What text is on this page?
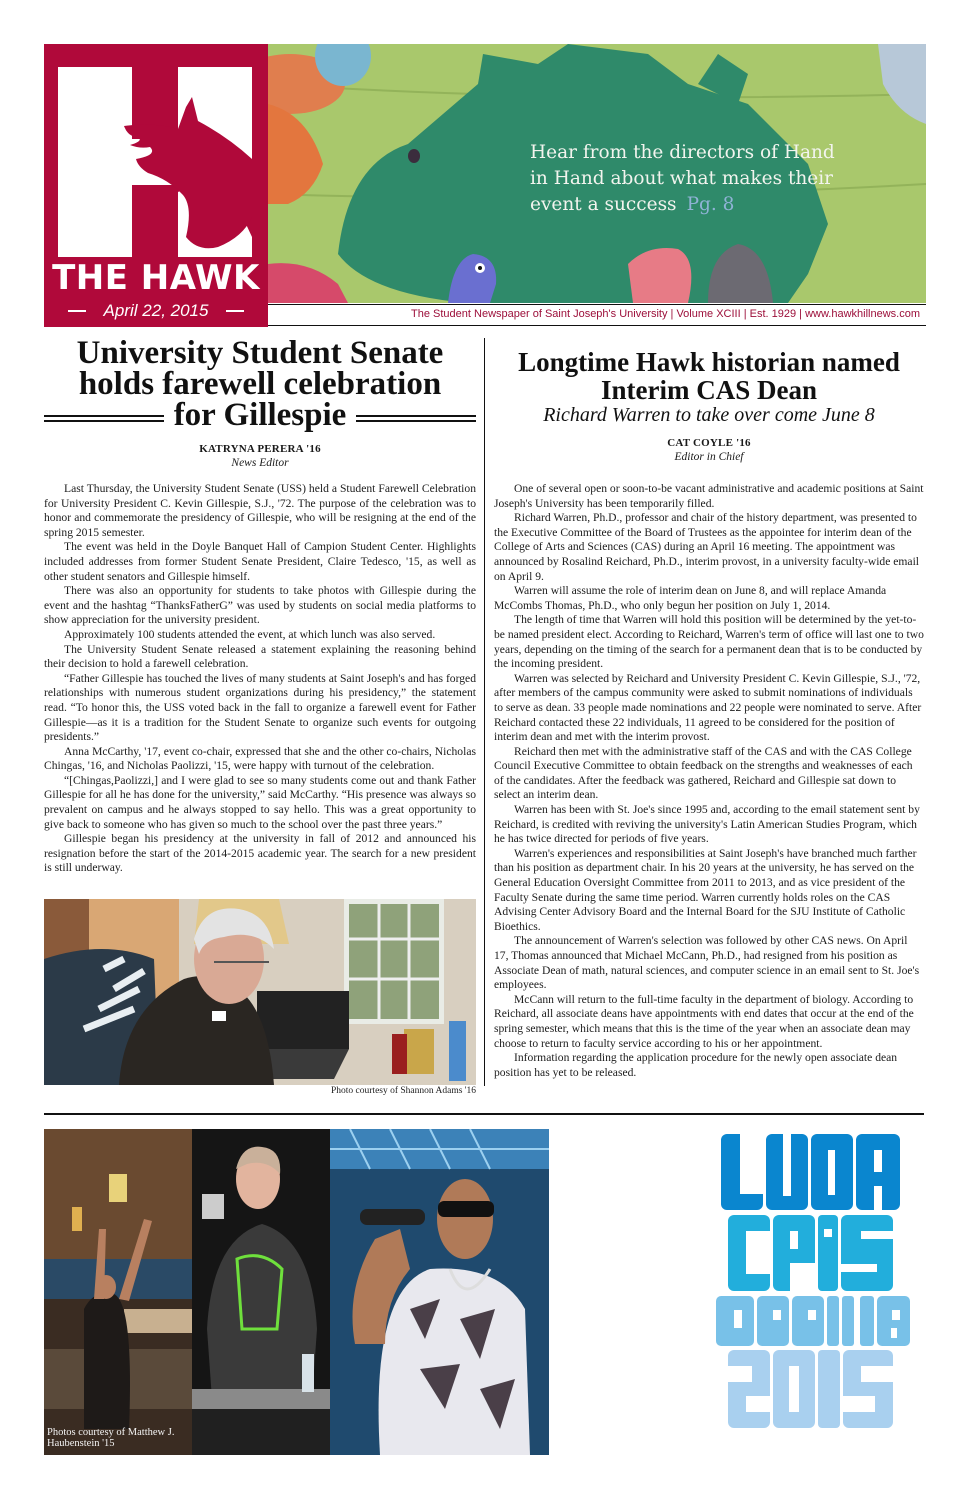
THE HAWK
April 22, 2015
Hear from the directors of Hand
in Hand about what makes their
event a success Pg. 8
The Student Newspaper of Saint Joseph's University | Volume XCIII | Est. 1929 | www.hawkhillnews.com
University Student Senate
holds farewell celebration
for Gillespie
KATRYNA PERERA '16
News Editor

Last Thursday, the University Student Senate (USS) held a Student Farewell Celebration for University President C. Kevin Gillespie, S.J., '72. The purpose of the celebration was to honor and commemorate the presidency of Gillespie, who will be resigning at the end of the spring 2015 semester.

The event was held in the Doyle Banquet Hall of Campion Student Center. Highlights included addresses from former Student Senate President, Claire Tedesco, '15, as well as other student senators and Gillespie himself.

There was also an opportunity for students to take photos with Gillespie during the event and the hashtag “ThanksFatherG” was used by students on social media platforms to show appreciation for the university president.

Approximately 100 students attended the event, at which lunch was also served.

The University Student Senate released a statement explaining the reasoning behind their decision to hold a farewell celebration.

“Father Gillespie has touched the lives of many students at Saint Joseph's and has forged relationships with numerous student organizations during his presidency,” the statement read. “To honor this, the USS voted back in the fall to organize a farewell event for Father Gillespie—as it is a tradition for the Student Senate to organize such events for outgoing presidents.”

Anna McCarthy, '17, event co-chair, expressed that she and the other co-chairs, Nicholas Chingas, '16, and Nicholas Paolizzi, '15, were happy with turnout of the celebration.

“[Chingas,Paolizzi,] and I were glad to see so many students come out and thank Father Gillespie for all he has done for the university,” said McCarthy. “His presence was always so prevalent on campus and he always stopped to say hello. This was a great opportunity to give back to someone who has given so much to the school over the past three years.”

Gillespie began his presidency at the university in fall of 2012 and announced his resignation before the start of the 2014-2015 academic year. The search for a new president is still underway.

Photo courtesy of Shannon Adams '16
Longtime Hawk historian named
Interim CAS Dean
Richard Warren to take over come June 8
CAT COYLE '16
Editor in Chief

One of several open or soon-to-be vacant administrative and academic positions at Saint Joseph's University has been temporarily filled.

Richard Warren, Ph.D., professor and chair of the history department, was presented to the Executive Committee of the Board of Trustees as the appointee for interim dean of the College of Arts and Sciences (CAS) during an April 16 meeting. The appointment was announced by Rosalind Reichard, Ph.D., interim provost, in a university faculty-wide email on April 9.

Warren will assume the role of interim dean on June 8, and will replace Amanda McCombs Thomas, Ph.D., who only begun her position on July 1, 2014.

The length of time that Warren will hold this position will be determined by the yet-to-be named president elect. According to Reichard, Warren's term of office will last one to two years, depending on the timing of the search for a permanent dean that is to be conducted by the incoming president.

Warren was selected by Reichard and University President C. Kevin Gillespie, S.J., '72, after members of the campus community were asked to submit nominations of individuals to serve as dean. 33 people made nominations and 22 people were nominated to serve. After Reichard contacted these 22 individuals, 11 agreed to be considered for the position of interim dean and met with the interim provost.

Reichard then met with the administrative staff of the CAS and with the CAS College Council Executive Committee to obtain feedback on the strengths and weaknesses of each of the candidates. After the feedback was gathered, Reichard and Gillespie sat down to select an interim dean.

Warren has been with St. Joe's since 1995 and, according to the email statement sent by Reichard, is credited with reviving the university's Latin American Studies Program, which he has twice directed for periods of five years.

Warren's experiences and responsibilities at Saint Joseph's have branched much farther than his position as department chair. In his 20 years at the university, he has served on the General Education Oversight Committee from 2011 to 2013, and as vice president of the Faculty Senate during the same time period. Warren currently holds roles on the CAS Advising Center Advisory Board and the Internal Board for the SJU Institute of Catholic Bioethics.

The announcement of Warren's selection was followed by other CAS news. On April 17, Thomas announced that Michael McCann, Ph.D., had resigned from his position as Associate Dean of math, natural sciences, and computer science in an email sent to St. Joe's employees.

McCann will return to the full-time faculty in the department of biology. According to Reichard, all associate deans have appointments with end dates that occur at the end of the spring semester, which means that this is the time of the year when an associate dean may choose to return to faculty service according to his or her appointment.

Information regarding the application procedure for the newly open associate dean position has yet to be released.

Photos courtesy of Matthew J. Haubenstein '15
